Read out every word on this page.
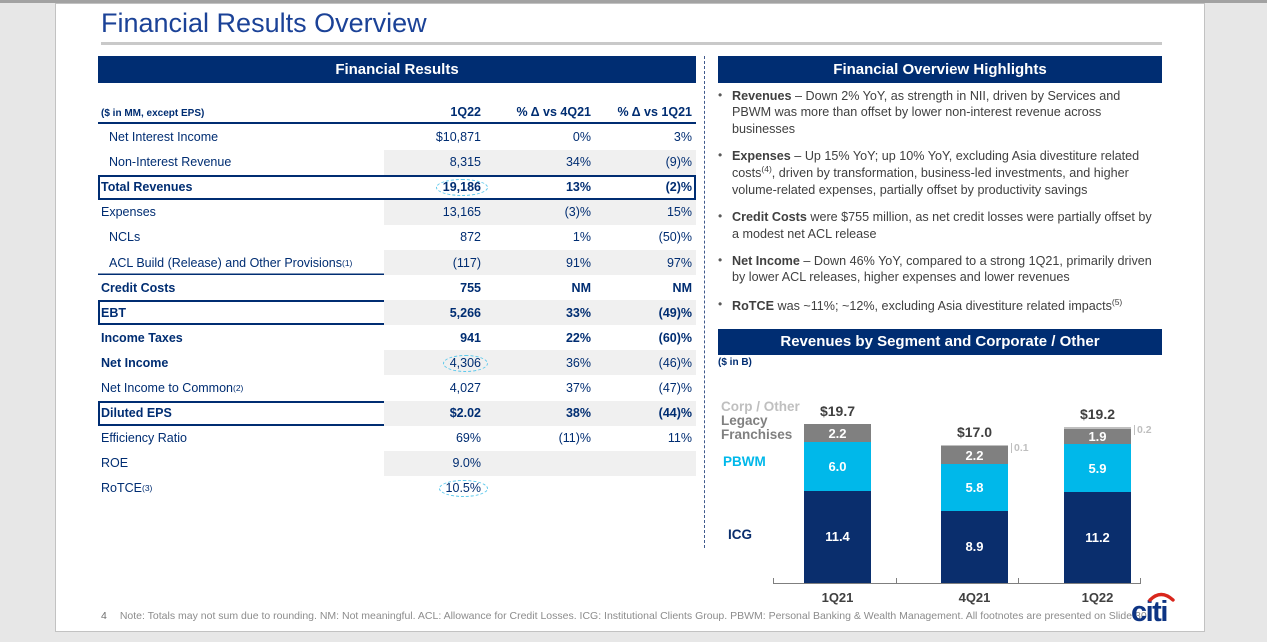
Financial Results Overview
Financial Results
($ in MM, except EPS)	1Q22	% Δ vs 4Q21	% Δ vs 1Q21
Net Interest Income	$10,871	0%	3%
Non-Interest Revenue	8,315	34%	(9)%
Total Revenues	19,186	13%	(2)%
Expenses	13,165	(3)%	15%
NCLs	872	1%	(50)%
ACL Build (Release) and Other Provisions (1)	(117)	91%	97%
Credit Costs	755	NM	NM
EBT	5,266	33%	(49)%
Income Taxes	941	22%	(60)%
Net Income	4,306	36%	(46)%
Net Income to Common (2)	4,027	37%	(47)%
Diluted EPS	$2.02	38%	(44)%
Efficiency Ratio	69%	(11)%	11%
ROE	9.0%
RoTCE (3)	10.5%
Financial Overview Highlights
• Revenues – Down 2% YoY, as strength in NII, driven by Services and PBWM was more than offset by lower non-interest revenue across businesses
• Expenses – Up 15% YoY; up 10% YoY, excluding Asia divestiture related costs$^{(4)}$, driven by transformation, business-led investments, and higher volume-related expenses, partially offset by productivity savings
• Credit Costs were $755 million, as net credit losses were partially offset by a modest net ACL release
• Net Income – Down 46% YoY, compared to a strong 1Q21, primarily driven by lower ACL releases, higher expenses and lower revenues
• RoTCE was ~11%; ~12%, excluding Asia divestiture related impacts$^{(5)}$
Revenues by Segment and Corporate / Other
($ in B)
Corp / Other
Legacy Franchises
PBWM
ICG	11.4
6.0
2.2
$19.7
1Q21
8.9
5.8
2.2
$17.0
0.1
4Q21
11.2
5.9
1.9
$19.2
0.2
1Q22
4 Note: Totals may not sum due to rounding. NM: Not meaningful. ACL: Allowance for Credit Losses. ICG: Institutional Clients Group. PBWM: Personal Banking & Wealth Management. All footnotes are presented on Slide 30.
citi
